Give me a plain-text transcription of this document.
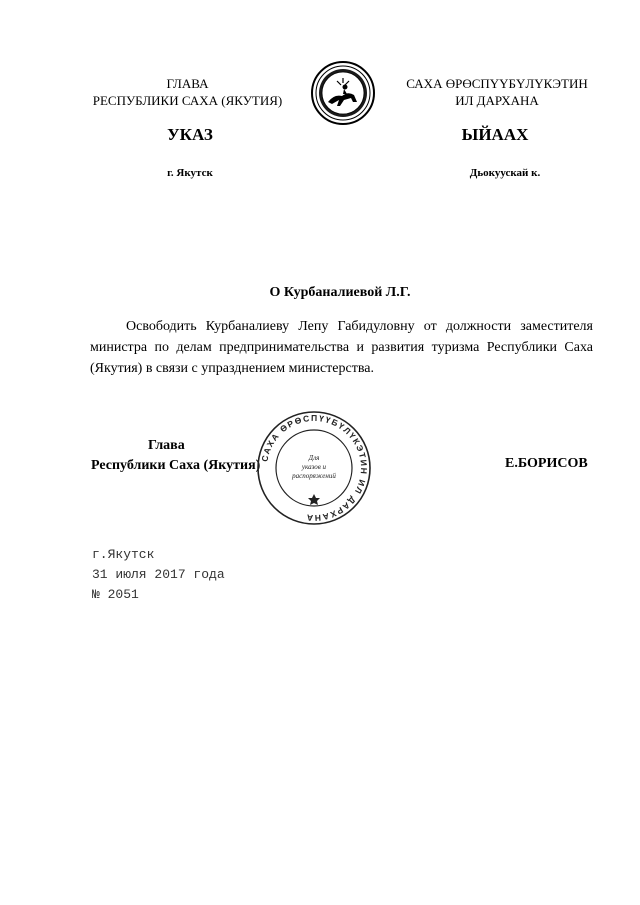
ГЛАВА
РЕСПУБЛИКИ САХА (ЯКУТИЯ)
САХА ӨРӨСПҮҮБҮЛҮКЭТИН
ИЛ ДАРХАНА
УКАЗ	ЫЙААХ
г. Якутск	Дьокуускай к.
О Курбаналиевой Л.Г.
Освободить Курбаналиеву Лепу Габидуловну от должности заместителя министра по делам предпринимательства и развития туризма Республики Саха (Якутия) в связи с упразднением министерства.
Глава
Республики Саха (Якутия)
САХА ӨРӨСПҮҮБҮЛҮКЭТИН ИЛ ДАРХАНА
Для
указов и
распоряжений
Е.БОРИСОВ
г.Якутск
31 июля 2017 года
№ 2051
